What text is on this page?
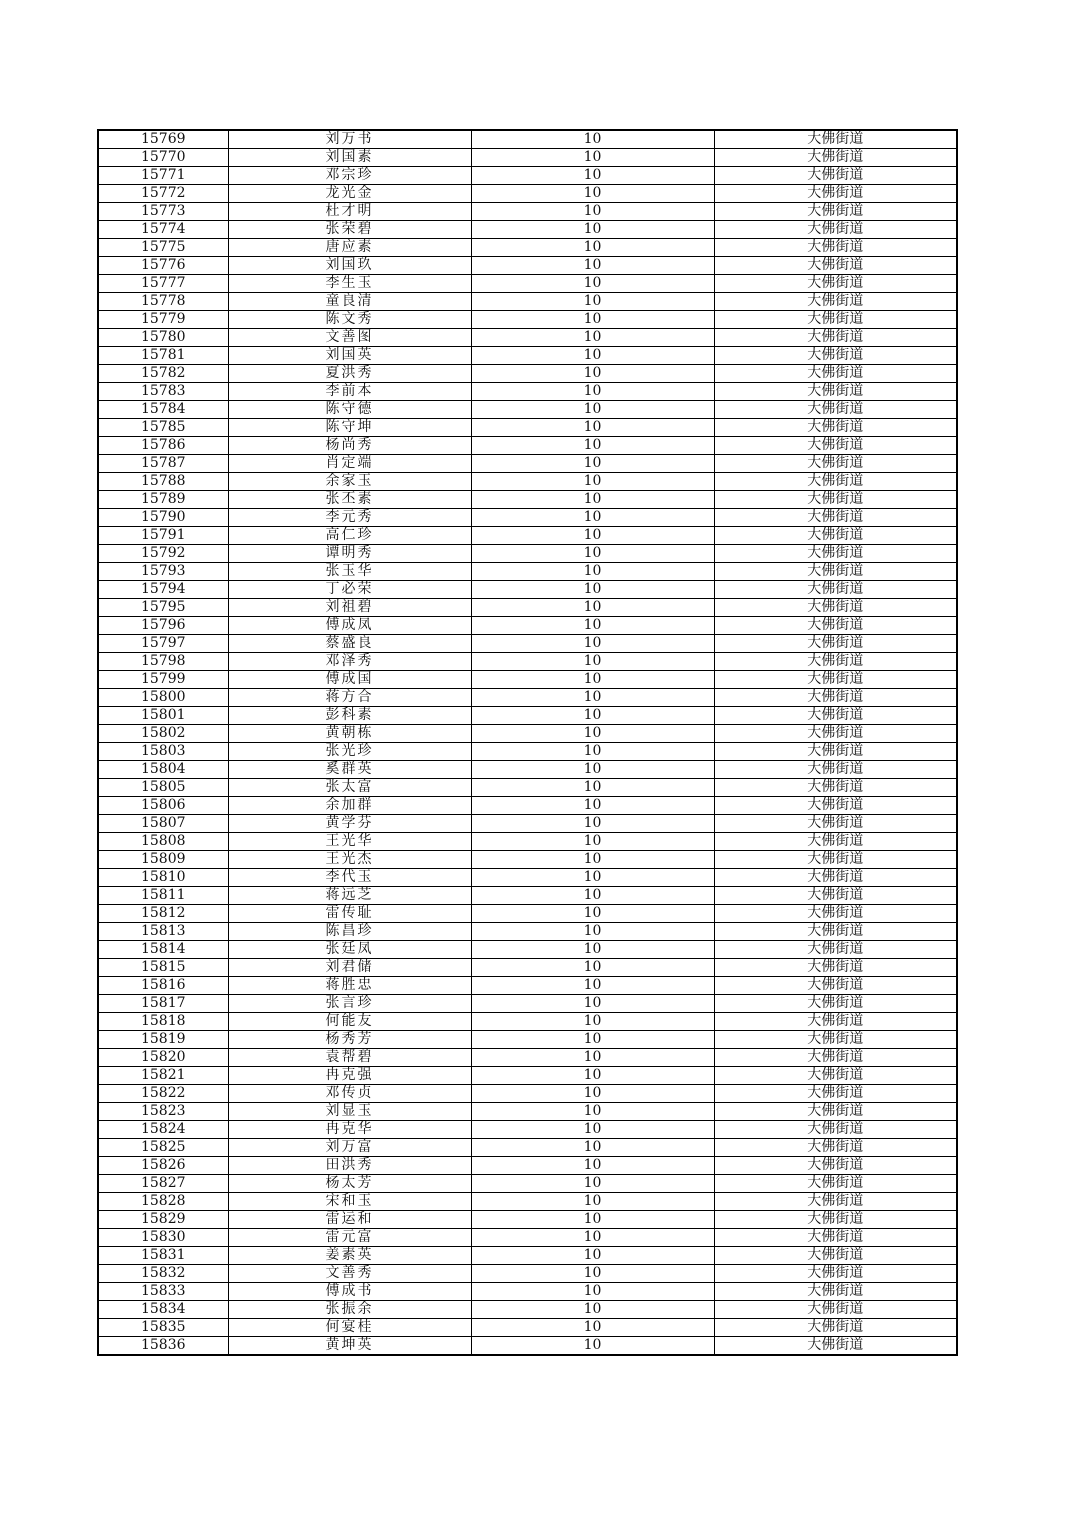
15769	刘万书	10	大佛街道
15770	刘国素	10	大佛街道
15771	邓宗珍	10	大佛街道
15772	龙光金	10	大佛街道
15773	杜才明	10	大佛街道
15774	张荣碧	10	大佛街道
15775	唐应素	10	大佛街道
15776	刘国玖	10	大佛街道
15777	李生玉	10	大佛街道
15778	童良清	10	大佛街道
15779	陈文秀	10	大佛街道
15780	文善图	10	大佛街道
15781	刘国英	10	大佛街道
15782	夏洪秀	10	大佛街道
15783	李前本	10	大佛街道
15784	陈守德	10	大佛街道
15785	陈守坤	10	大佛街道
15786	杨尚秀	10	大佛街道
15787	肖定端	10	大佛街道
15788	余家玉	10	大佛街道
15789	张丕素	10	大佛街道
15790	李元秀	10	大佛街道
15791	高仁珍	10	大佛街道
15792	谭明秀	10	大佛街道
15793	张玉华	10	大佛街道
15794	丁必荣	10	大佛街道
15795	刘祖碧	10	大佛街道
15796	傅成凤	10	大佛街道
15797	蔡盛良	10	大佛街道
15798	邓泽秀	10	大佛街道
15799	傅成国	10	大佛街道
15800	蒋方合	10	大佛街道
15801	彭科素	10	大佛街道
15802	黄朝栋	10	大佛街道
15803	张光珍	10	大佛街道
15804	奚群英	10	大佛街道
15805	张太富	10	大佛街道
15806	余加群	10	大佛街道
15807	黄学芬	10	大佛街道
15808	王光华	10	大佛街道
15809	王光杰	10	大佛街道
15810	李代玉	10	大佛街道
15811	蒋远芝	10	大佛街道
15812	雷传耻	10	大佛街道
15813	陈昌珍	10	大佛街道
15814	张廷凤	10	大佛街道
15815	刘君储	10	大佛街道
15816	蒋胜忠	10	大佛街道
15817	张言珍	10	大佛街道
15818	何能友	10	大佛街道
15819	杨秀芳	10	大佛街道
15820	袁帮碧	10	大佛街道
15821	冉克强	10	大佛街道
15822	邓传贞	10	大佛街道
15823	刘显玉	10	大佛街道
15824	冉克华	10	大佛街道
15825	刘万富	10	大佛街道
15826	田洪秀	10	大佛街道
15827	杨太芳	10	大佛街道
15828	宋和玉	10	大佛街道
15829	雷运和	10	大佛街道
15830	雷元富	10	大佛街道
15831	姜素英	10	大佛街道
15832	文善秀	10	大佛街道
15833	傅成书	10	大佛街道
15834	张振余	10	大佛街道
15835	何宴桂	10	大佛街道
15836	黄坤英	10	大佛街道
